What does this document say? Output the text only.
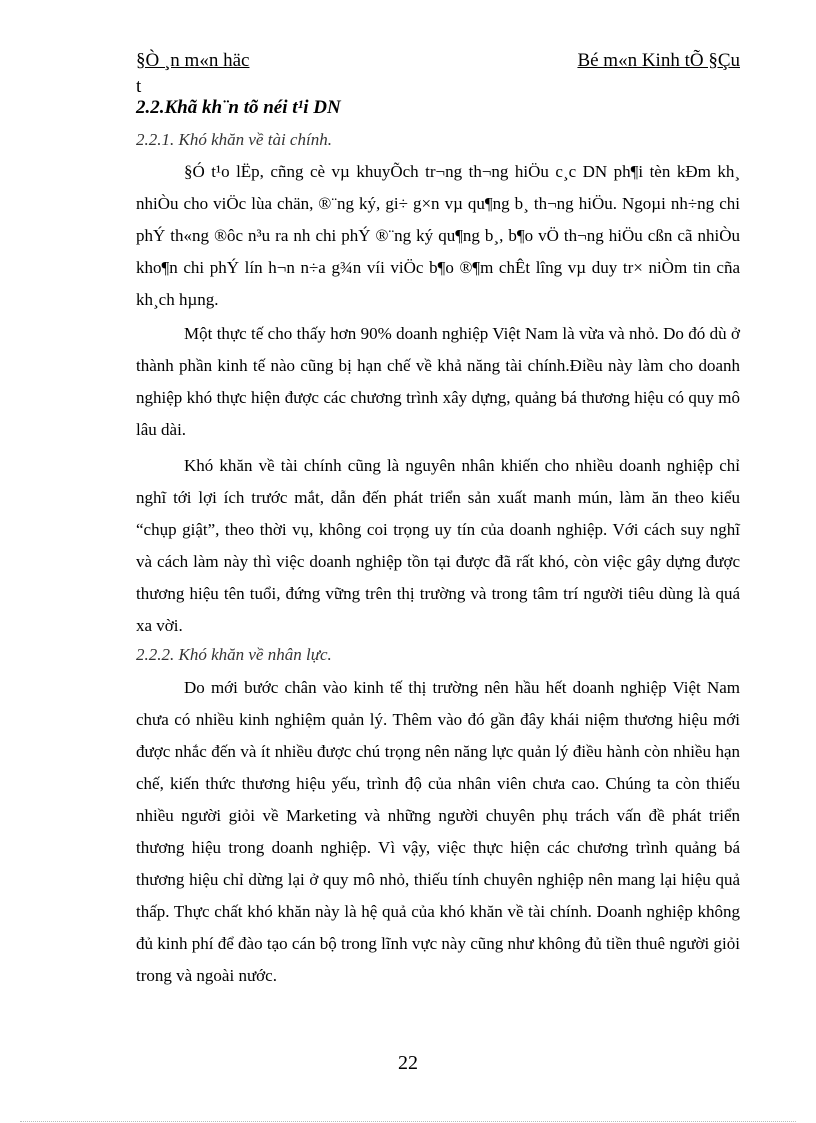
§Ò ¸n m«n häc	Bé m«n Kinh tÕ §Çu
t
2.2.Khã kh¨n tõ néi t¹i DN
2.2.1. Khó khăn về tài chính.

§Ó t¹o lËp, cñng cè vµ khuyÕch tr¬ng th¬ng hiÖu c¸c DN ph¶i tèn kÐm kh¸ nhiÒu cho viÖc lùa chän, ®¨ng ký, gi÷ g×n vµ qu¶ng b¸ th¬ng hiÖu. Ngoµi nh÷ng chi phÝ th«ng ®ôc n³u ra nh chi phÝ ®¨ng ký qu¶ng b¸, b¶o vÖ th¬ng hiÖu cßn cã nhiÒu kho¶n chi phÝ lín h¬n n÷a g¾n víi viÖc b¶o ®¶m chÊt lîng vµ duy tr× niÒm tin cña kh¸ch hµng.

Một thực tế cho thấy hơn 90% doanh nghiệp Việt Nam là vừa và nhỏ. Do đó dù ở thành phần kinh tế nào cũng bị hạn chế về khả năng tài chính.Điều này làm cho doanh nghiệp khó thực hiện được các chương trình xây dựng, quảng bá thương hiệu có quy mô lâu dài.

Khó khăn về tài chính cũng là nguyên nhân khiến cho nhiều doanh nghiệp chỉ nghĩ tới lợi ích trước mắt, dẫn đến phát triển sản xuất manh mún, làm ăn theo kiểu “chụp giật”, theo thời vụ, không coi trọng uy tín của doanh nghiệp. Với cách suy nghĩ và cách làm này thì việc doanh nghiệp tồn tại được đã rất khó, còn việc gây dựng được thương hiệu tên tuổi, đứng vững trên thị trường và trong tâm trí người tiêu dùng là quá xa vời.

2.2.2. Khó khăn về nhân lực.

Do mới bước chân vào kinh tế thị trường nên hầu hết doanh nghiệp Việt Nam chưa có nhiều kinh nghiệm quản lý. Thêm vào đó gần đây khái niệm thương hiệu mới được nhắc đến và ít nhiều được chú trọng nên năng lực quản lý điều hành còn nhiều hạn chế, kiến thức thương hiệu yếu, trình độ của nhân viên chưa cao. Chúng ta còn thiếu nhiều người giỏi về Marketing và những người chuyên phụ trách vấn đề phát triển thương hiệu trong doanh nghiệp. Vì vậy, việc thực hiện các chương trình quảng bá thương hiệu chỉ dừng lại ở quy mô nhỏ, thiếu tính chuyên nghiệp nên mang lại hiệu quả thấp. Thực chất khó khăn này là hệ quả của khó khăn về tài chính. Doanh nghiệp không đủ kinh phí để đào tạo cán bộ trong lĩnh vực này cũng như không đủ tiền thuê người giỏi trong và ngoài nước.

22
